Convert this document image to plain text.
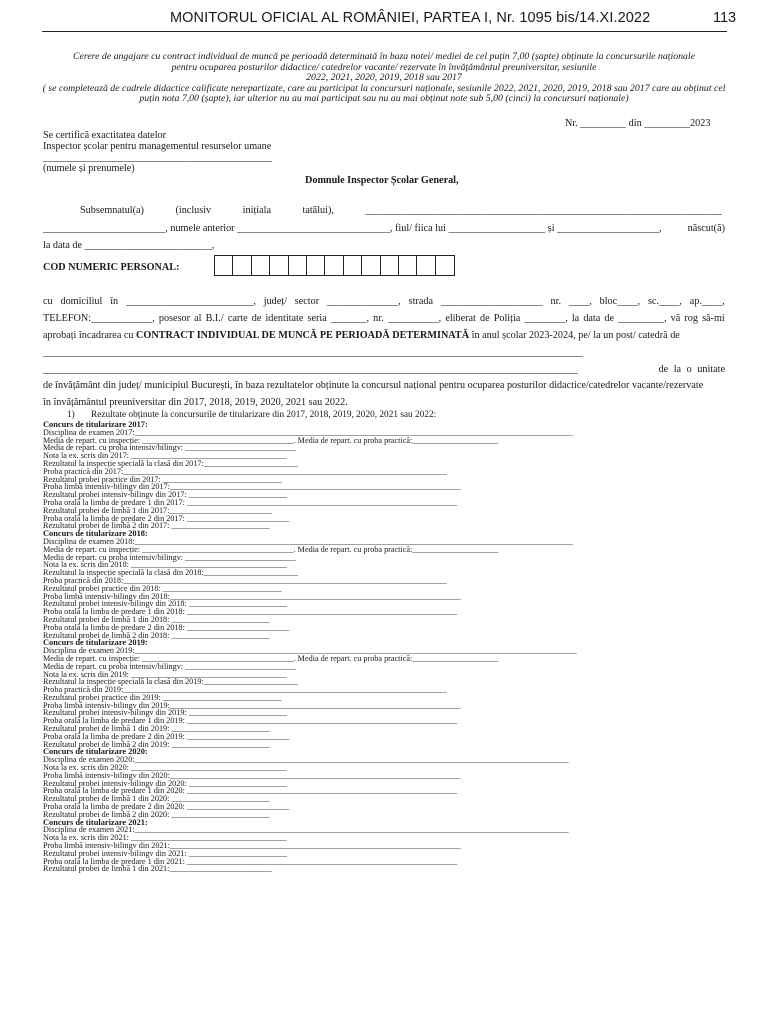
MONITORUL OFICIAL AL ROMÂNIEI, PARTEA I, Nr. 1095 bis/14.XI.2022	113
Cerere de angajare cu contract individual de muncă pe perioadă determinată în baza notei/ mediei de cel puțin 7,00 (șapte) obținute la concursurile naționale
pentru ocuparea posturilor didactice/ catedrelor vacante/ rezervate în învățământul preuniversitar, sesiunile
2022, 2021, 2020, 2019, 2018 sau 2017
( se completează de cadrele didactice calificate nerepartizate, care au participat la concursuri naționale, sesiunile 2022, 2021, 2020, 2019, 2018 sau 2017 care au obținut cel
puțin nota 7,00 (șapte), iar ulterior nu au mai participat sau nu au mai obținut note sub 5,00 (cinci) la concursuri naționale)
Nr. _________ din _________2023
Se certifică exactitatea datelor
Inspector școlar pentru managementul resurselor umane
_____________________________________________
(numele și prenumele)
Domnule Inspector Școlar General,
Subsemnatul(a)	(inclusiv	inițiala	tatălui),	______________________________________________________________________
________________________, numele anterior ______________________________, fiul/ fiica lui ___________________ și ____________________,	născut(ă)
la data de _________________________,
COD NUMERIC PERSONAL:
cu domiciliul în _________________________, județ/ sector ______________, strada ____________________ nr. ____, bloc____, sc.____, ap.____,
TELEFON:____________, posesor al B.I./ carte de identitate seria _______, nr. __________, eliberat de Poliția ________, la data de _________, vă rog să-mi
aprobați încadrarea cu CONTRACT INDIVIDUAL DE MUNCĂ PE PERIOADĂ DETERMINATĂ în anul școlar 2023-2024, pe/ la un post/ catedră de
__________________________________________________________________________________________________________
_________________________________________________________________________________________________________	de la o unitate
de învățământ din județ/ municipiul București, în baza rezultatelor obținute la concursul național pentru ocuparea posturilor didactice/catedrelor vacante/rezervate
în învățământul preuniversitar din 2017, 2018, 2019, 2020, 2021 sau 2022.
1)       Rezultate obținute la concursurile de titularizare din 2017, 2018, 2019, 2020, 2021 sau 2022:
Concurs de titularizare 2017:
Disciplina de examen 2017:___________________________________________________________________________________________________________
Media de repart. cu inspecție: _____________________________________. Media de repart. cu proba practică:_____________________
Media de repart. cu proba intensiv/bilingv: ___________________________
Nota la ex. scris din 2017: ______________________________________
Rezultatul la inspecție specială la clasă din 2017:_______________________
Proba practică din 2017:_______________________________________________________________________________
Rezultatul probei practice din 2017: _____________________________
Proba limbă intensiv-bilingv din 2017:_______________________________________________________________________
Rezultatul probei intensiv-bilingv din 2017: ________________________
Proba orală la limba de predare 1 din 2017: __________________________________________________________________
Rezultatul probei de limbă 1 din 2017:_________________________
Proba orală la limba de predare 2 din 2017: _________________________
Rezultatul probei de limbă 2 din 2017: ________________________
Concurs de titularizare 2018:
Disciplina de examen 2018:___________________________________________________________________________________________________________
Media de repart. cu inspecție: _____________________________________. Media de repart. cu proba practică:_____________________
Media de repart. cu proba intensiv/bilingv: ___________________________
Nota la ex. scris din 2018: ______________________________________
Rezultatul la inspecție specială la clasă din 2018:_______________________
Proba practică din 2018:_______________________________________________________________________________
Rezultatul probei practice din 2018: _____________________________
Proba limbă intensiv-bilingv din 2018:_______________________________________________________________________
Rezultatul probei intensiv-bilingv din 2018: ________________________
Proba orală la limba de predare 1 din 2018: __________________________________________________________________
Rezultatul probei de limbă 1 din 2018: ________________________
Proba orală la limba de predare 2 din 2018: _________________________
Rezultatul probei de limbă 2 din 2018: ________________________
Concurs de titularizare 2019:
Disciplina de examen 2019:____________________________________________________________________________________________________________
Media de repart. cu inspecție: _____________________________________. Media de repart. cu proba practică:_____________________
Media de repart. cu proba intensiv/bilingv: ___________________________
Nota la ex. scris din 2019: ______________________________________
Rezultatul la inspecție specială la clasă din 2019:_______________________
Proba practică din 2019:_______________________________________________________________________________
Rezultatul probei practice din 2019: _____________________________
Proba limbă intensiv-bilingv din 2019:_______________________________________________________________________
Rezultatul probei intensiv-bilingv din 2019: ________________________
Proba orală la limba de predare 1 din 2019: __________________________________________________________________
Rezultatul probei de limbă 1 din 2019: ________________________
Proba orală la limba de predare 2 din 2019: _________________________
Rezultatul probei de limbă 2 din 2019: ________________________
Concurs de titularizare 2020:
Disciplina de examen 2020:__________________________________________________________________________________________________________
Nota la ex. scris din 2020: ______________________________________
Proba limbă intensiv-bilingv din 2020:_______________________________________________________________________
Rezultatul probei intensiv-bilingv din 2020: ________________________
Proba orală la limba de predare 1 din 2020: __________________________________________________________________
Rezultatul probei de limbă 1 din 2020: ________________________
Proba orală la limba de predare 2 din 2020: _________________________
Rezultatul probei de limbă 2 din 2020: ________________________
Concurs de titularizare 2021:
Disciplina de examen 2021:__________________________________________________________________________________________________________
Nota la ex. scris din 2021: ______________________________________
Proba limbă intensiv-bilingv din 2021:_______________________________________________________________________
Rezultatul probei intensiv-bilingv din 2021: ________________________
Proba orală la limba de predare 1 din 2021: __________________________________________________________________
Rezultatul probei de limbă 1 din 2021:_________________________
